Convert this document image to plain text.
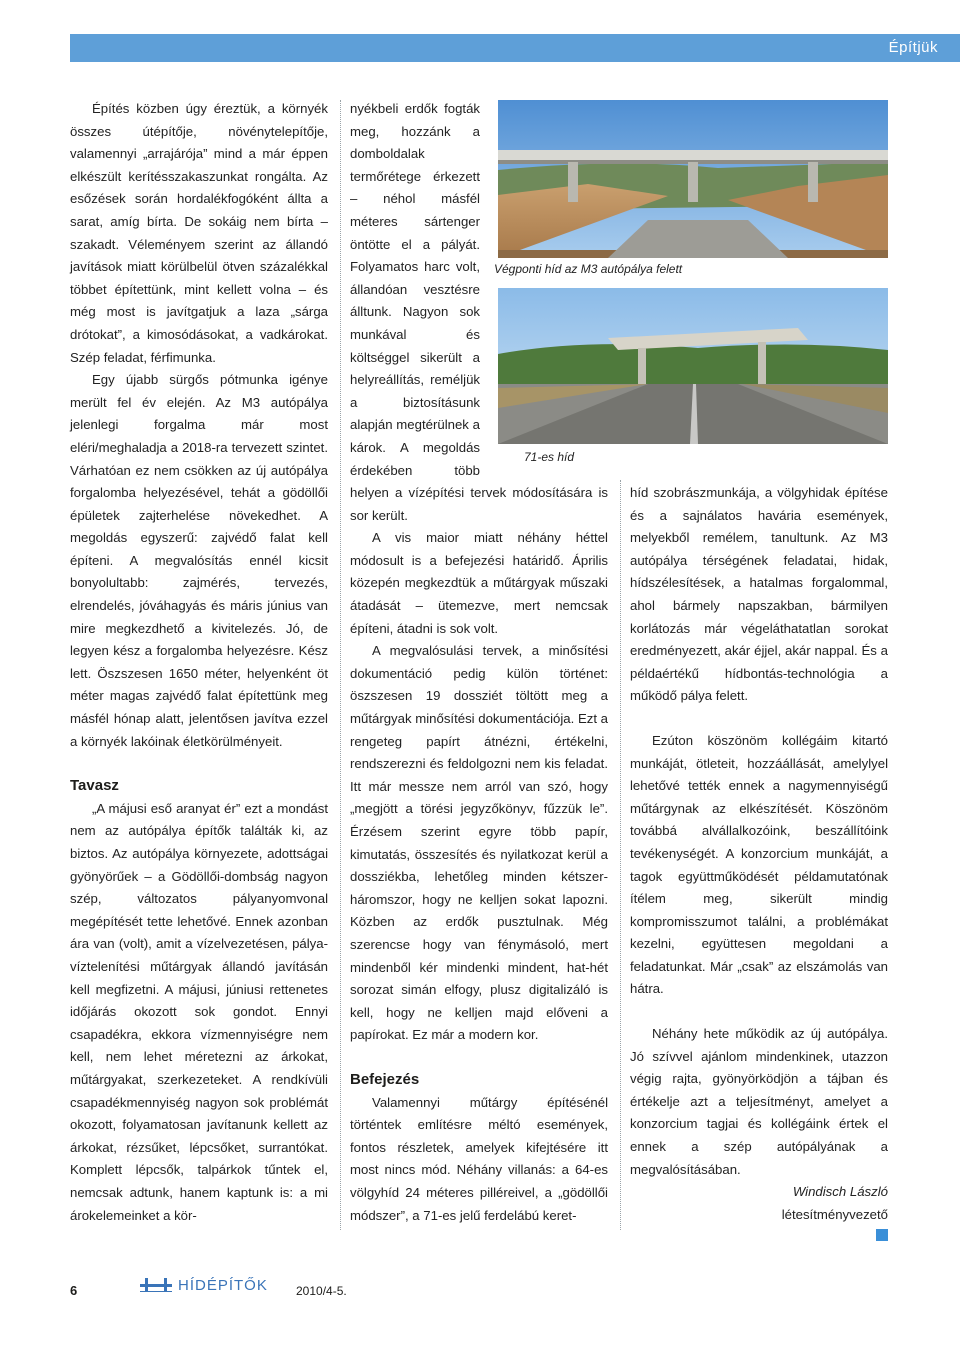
Építjük

Építés közben úgy éreztük, a környék összes útépítője, növénytelepítője, valamennyi „arrajárója” mind a már éppen elkészült kerítésszakaszunkat rongálta. Az esőzések során hordalékfogóként állta a sarat, amíg bírta. De sokáig nem bírta – szakadt. Véleményem szerint az állandó javítások miatt körülbelül ötven százalékkal többet építettünk, mint kellett volna – és még most is javítgatjuk a laza „sárga drótokat”, a kimosódásokat, a vadkárokat. Szép feladat, férfimunka.

Egy újabb sürgős pótmunka igénye merült fel év elején. Az M3 autópálya jelenlegi forgalma már most eléri/meghaladja a 2018-ra tervezett szintet. Várhatóan ez nem csökken az új autópálya forgalomba helyezésével, tehát a gödöllői épületek zajterhelése növekedhet. A megoldás egyszerű: zajvédő falat kell építeni. A megvalósítás ennél kicsit bonyolultabb: zajmérés, tervezés, elrendelés, jóváhagyás és máris június van mire megkezdhető a kivitelezés. Jó, de legyen kész a forgalomba helyezésre. Kész lett. Öszszesen 1650 méter, helyenként öt méter magas zajvédő falat építettünk meg másfél hónap alatt, jelentősen javítva ezzel a környék lakóinak életkörülményeit.

Tavasz

„A májusi eső aranyat ér” ezt a mondást nem az autópálya építők találták ki, az biztos. Az autópálya környezete, adottságai gyönyörűek – a Gödöllői-dombság nagyon szép, változatos pályanyomvonal megépítését tette lehetővé. Ennek azonban ára van (volt), amit a vízelvezetésen, pálya-víztelenítési műtárgyak állandó javításán kell megfizetni. A májusi, júniusi rettenetes időjárás okozott sok gondot. Ennyi csapadékra, ekkora vízmennyiségre nem kell, nem lehet méretezni az árkokat, műtárgyakat, szerkezeteket. A rendkívüli csapadékmennyiség nagyon sok problémát okozott, folyamatosan javítanunk kellett az árkokat, rézsűket, lépcsőket, surrantókat. Komplett lépcsők, talpárkok tűntek el, nemcsak adtunk, hanem kaptunk is: a mi árokelemeinket a kör-

Végponti híd az M3 autópálya felett
71-es híd

nyékbeli erdők fogták meg, hozzánk a domboldalak termőrétege érkezett – néhol másfél méteres sártenger öntötte el a pályát. Folyamatos harc volt, állandóan vesztésre álltunk. Nagyon sok munkával és költséggel sikerült a helyreállítás, reméljük a biztosításunk alapján megtérülnek a károk. A megoldás érdekében több helyen a vízépítési tervek módosítására is sor került.

A vis maior miatt néhány héttel módosult is a befejezési határidő. Április közepén megkezdtük a műtárgyak műszaki átadását – ütemezve, mert nemcsak építeni, átadni is sok volt.

A megvalósulási tervek, a minősítési dokumentáció pedig külön történet: öszszesen 19 dossziét töltött meg a műtárgyak minősítési dokumentációja. Ezt a rengeteg papírt átnézni, értékelni, rendszerezni és feldolgozni nem kis feladat. Itt már messze nem arról van szó, hogy „megjött a törési jegyzőkönyv, fűzzük le”. Érzésem szerint egyre több papír, kimutatás, összesítés és nyilatkozat kerül a dossziékba, lehetőleg minden kétszer-háromszor, hogy ne kelljen sokat lapozni. Közben az erdők pusztulnak. Még szerencse hogy van fénymásoló, mert mindenből kér mindenki mindent, hat-hét sorozat simán elfogy, plusz digitalizáló is kell, hogy ne kelljen majd előveni a papírokat. Ez már a modern kor.

Befejezés

Valamennyi műtárgy építésénél történtek említésre méltó események, fontos részletek, amelyek kifejtésére itt most nincs mód. Néhány villanás: a 64-es völgyhíd 24 méteres pilléreivel, a „gödöllői módszer”, a 71-es jelű ferdelábú keret-

híd szobrászmunkája, a völgyhidak építése és a sajnálatos havária események, melyekből remélem, tanultunk. Az M3 autópálya térségének feladatai, hidak, hídszélesítések, a hatalmas forgalommal, ahol bármely napszakban, bármilyen korlátozás már végeláthatatlan sorokat eredményezett, akár éjjel, akár nappal. És a példaértékű hídbontás-technológia a működő pálya felett.

Ezúton köszönöm kollégáim kitartó munkáját, ötleteit, hozzáállását, amelylyel lehetővé tették ennek a nagymennyiségű műtárgynak az elkészítését. Köszönöm továbbá alvállalkozóink, beszállítóink tevékenységét. A konzorcium munkáját, a tagok együttműködését példamutatónak ítélem meg, sikerült mindig kompromisszumot találni, a problémákat kezelni, együttesen megoldani a feladatunkat. Már „csak” az elszámolás van hátra.

Néhány hete működik az új autópálya. Jó szívvel ajánlom mindenkinek, utazzon végig rajta, gyönyörködjön a tájban és értékelje azt a teljesítményt, amelyet a konzorcium tagjai és kollégáink értek el ennek a szép autópályának a megvalósításában.

Windisch László

létesítményvezető

6	HÍDÉPÍTŐK 2010/4-5.
